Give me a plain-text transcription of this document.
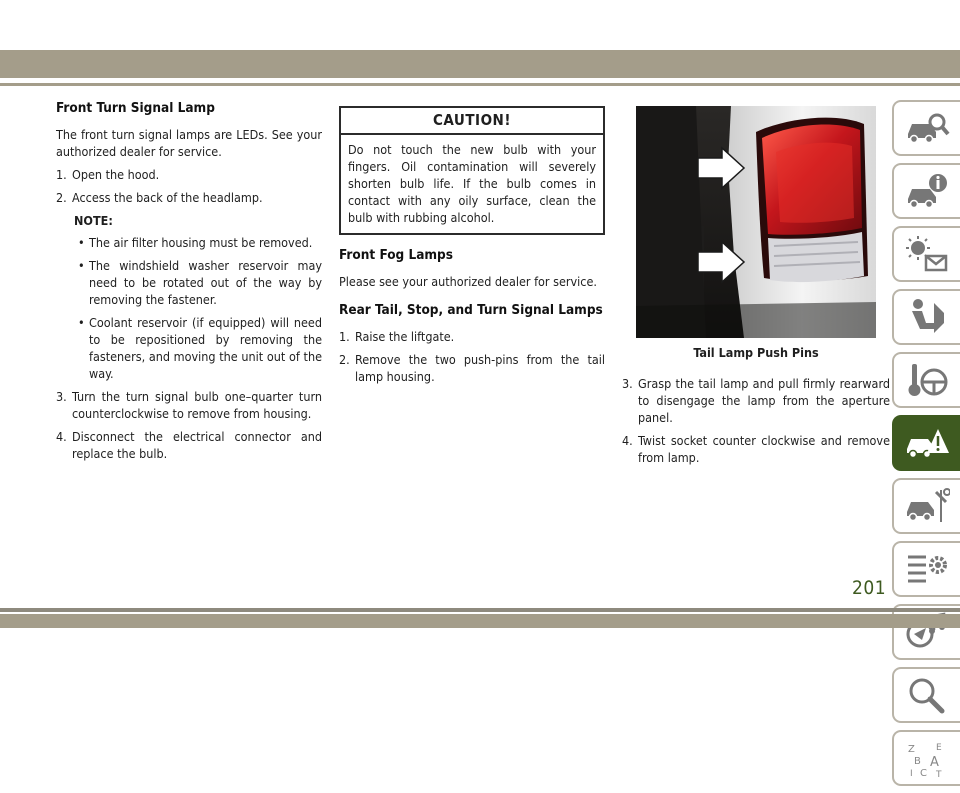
Front Turn Signal Lamp

The front turn signal lamps are LEDs. See your authorized dealer for service.

1. Open the hood.
2. Access the back of the headlamp.
NOTE:
• The air filter housing must be removed.
• The windshield washer reservoir may need to be rotated out of the way by removing the fastener.
• Coolant reservoir (if equipped) will need to be repositioned by removing the fasteners, and moving the unit out of the way.
3. Turn the turn signal bulb one–quarter turn counterclockwise to remove from housing.
4. Disconnect the electrical connector and replace the bulb.
CAUTION!
Do not touch the new bulb with your fingers. Oil contamination will severely shorten bulb life. If the bulb comes in contact with any oily surface, clean the bulb with rubbing alcohol.
Front Fog Lamps

Please see your authorized dealer for service.

Rear Tail, Stop, and Turn Signal Lamps
1. Raise the liftgate.
2. Remove the two push-pins from the tail lamp housing.
Tail Lamp Push Pins
3. Grasp the tail lamp and pull firmly rearward to disengage the lamp from the aperture panel.
4. Twist socket counter clockwise and remove from lamp.
Z E
B A
I C T
201
